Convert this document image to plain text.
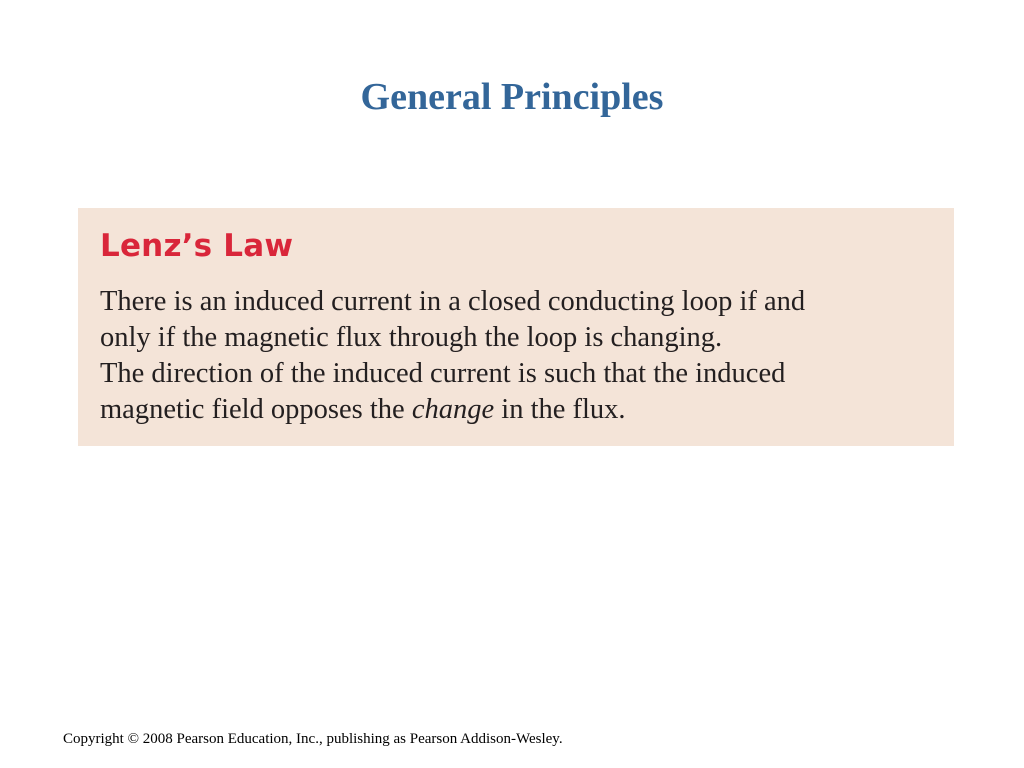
General Principles
Lenz’s Law
There is an induced current in a closed conducting loop if and
only if the magnetic flux through the loop is changing.
The direction of the induced current is such that the induced
magnetic field opposes the change in the flux.
Copyright © 2008 Pearson Education, Inc., publishing as Pearson Addison-Wesley.
